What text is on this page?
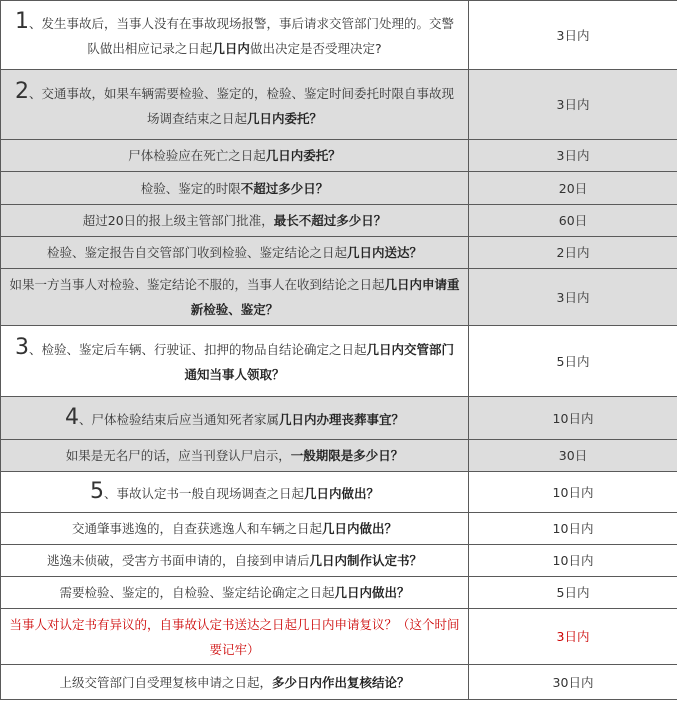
1、发生事故后，当事人没有在事故现场报警，事后请求交管部门处理的。交警队做出相应记录之日起几日内做出决定是否受理决定?	3日内
2、交通事故，如果车辆需要检验、鉴定的，检验、鉴定时间委托时限自事故现场调查结束之日起几日内委托？	3日内
尸体检验应在死亡之日起几日内委托？	3日内
检验、鉴定的时限不超过多少日？	20日
超过20日的报上级主管部门批准，最长不超过多少日？	60日
检验、鉴定报告自交管部门收到检验、鉴定结论之日起几日内送达？	2日内
如果一方当事人对检验、鉴定结论不服的，当事人在收到结论之日起几日内申请重新检验、鉴定？	3日内
3、检验、鉴定后车辆、行驶证、扣押的物品自结论确定之日起几日内交管部门通知当事人领取？	5日内
4、尸体检验结束后应当通知死者家属几日内办理丧葬事宜？	10日内
如果是无名尸的话，应当刊登认尸启示，一般期限是多少日？	30日
5、事故认定书一般自现场调查之日起几日内做出？	10日内
交通肇事逃逸的，自查获逃逸人和车辆之日起几日内做出？	10日内
逃逸未侦破，受害方书面申请的，自接到申请后几日内制作认定书？	10日内
需要检验、鉴定的，自检验、鉴定结论确定之日起几日内做出？	5日内
当事人对认定书有异议的，自事故认定书送达之日起几日内申请复议？（这个时间要记牢）	3日内
上级交管部门自受理复核申请之日起，多少日内作出复核结论？	30日内
